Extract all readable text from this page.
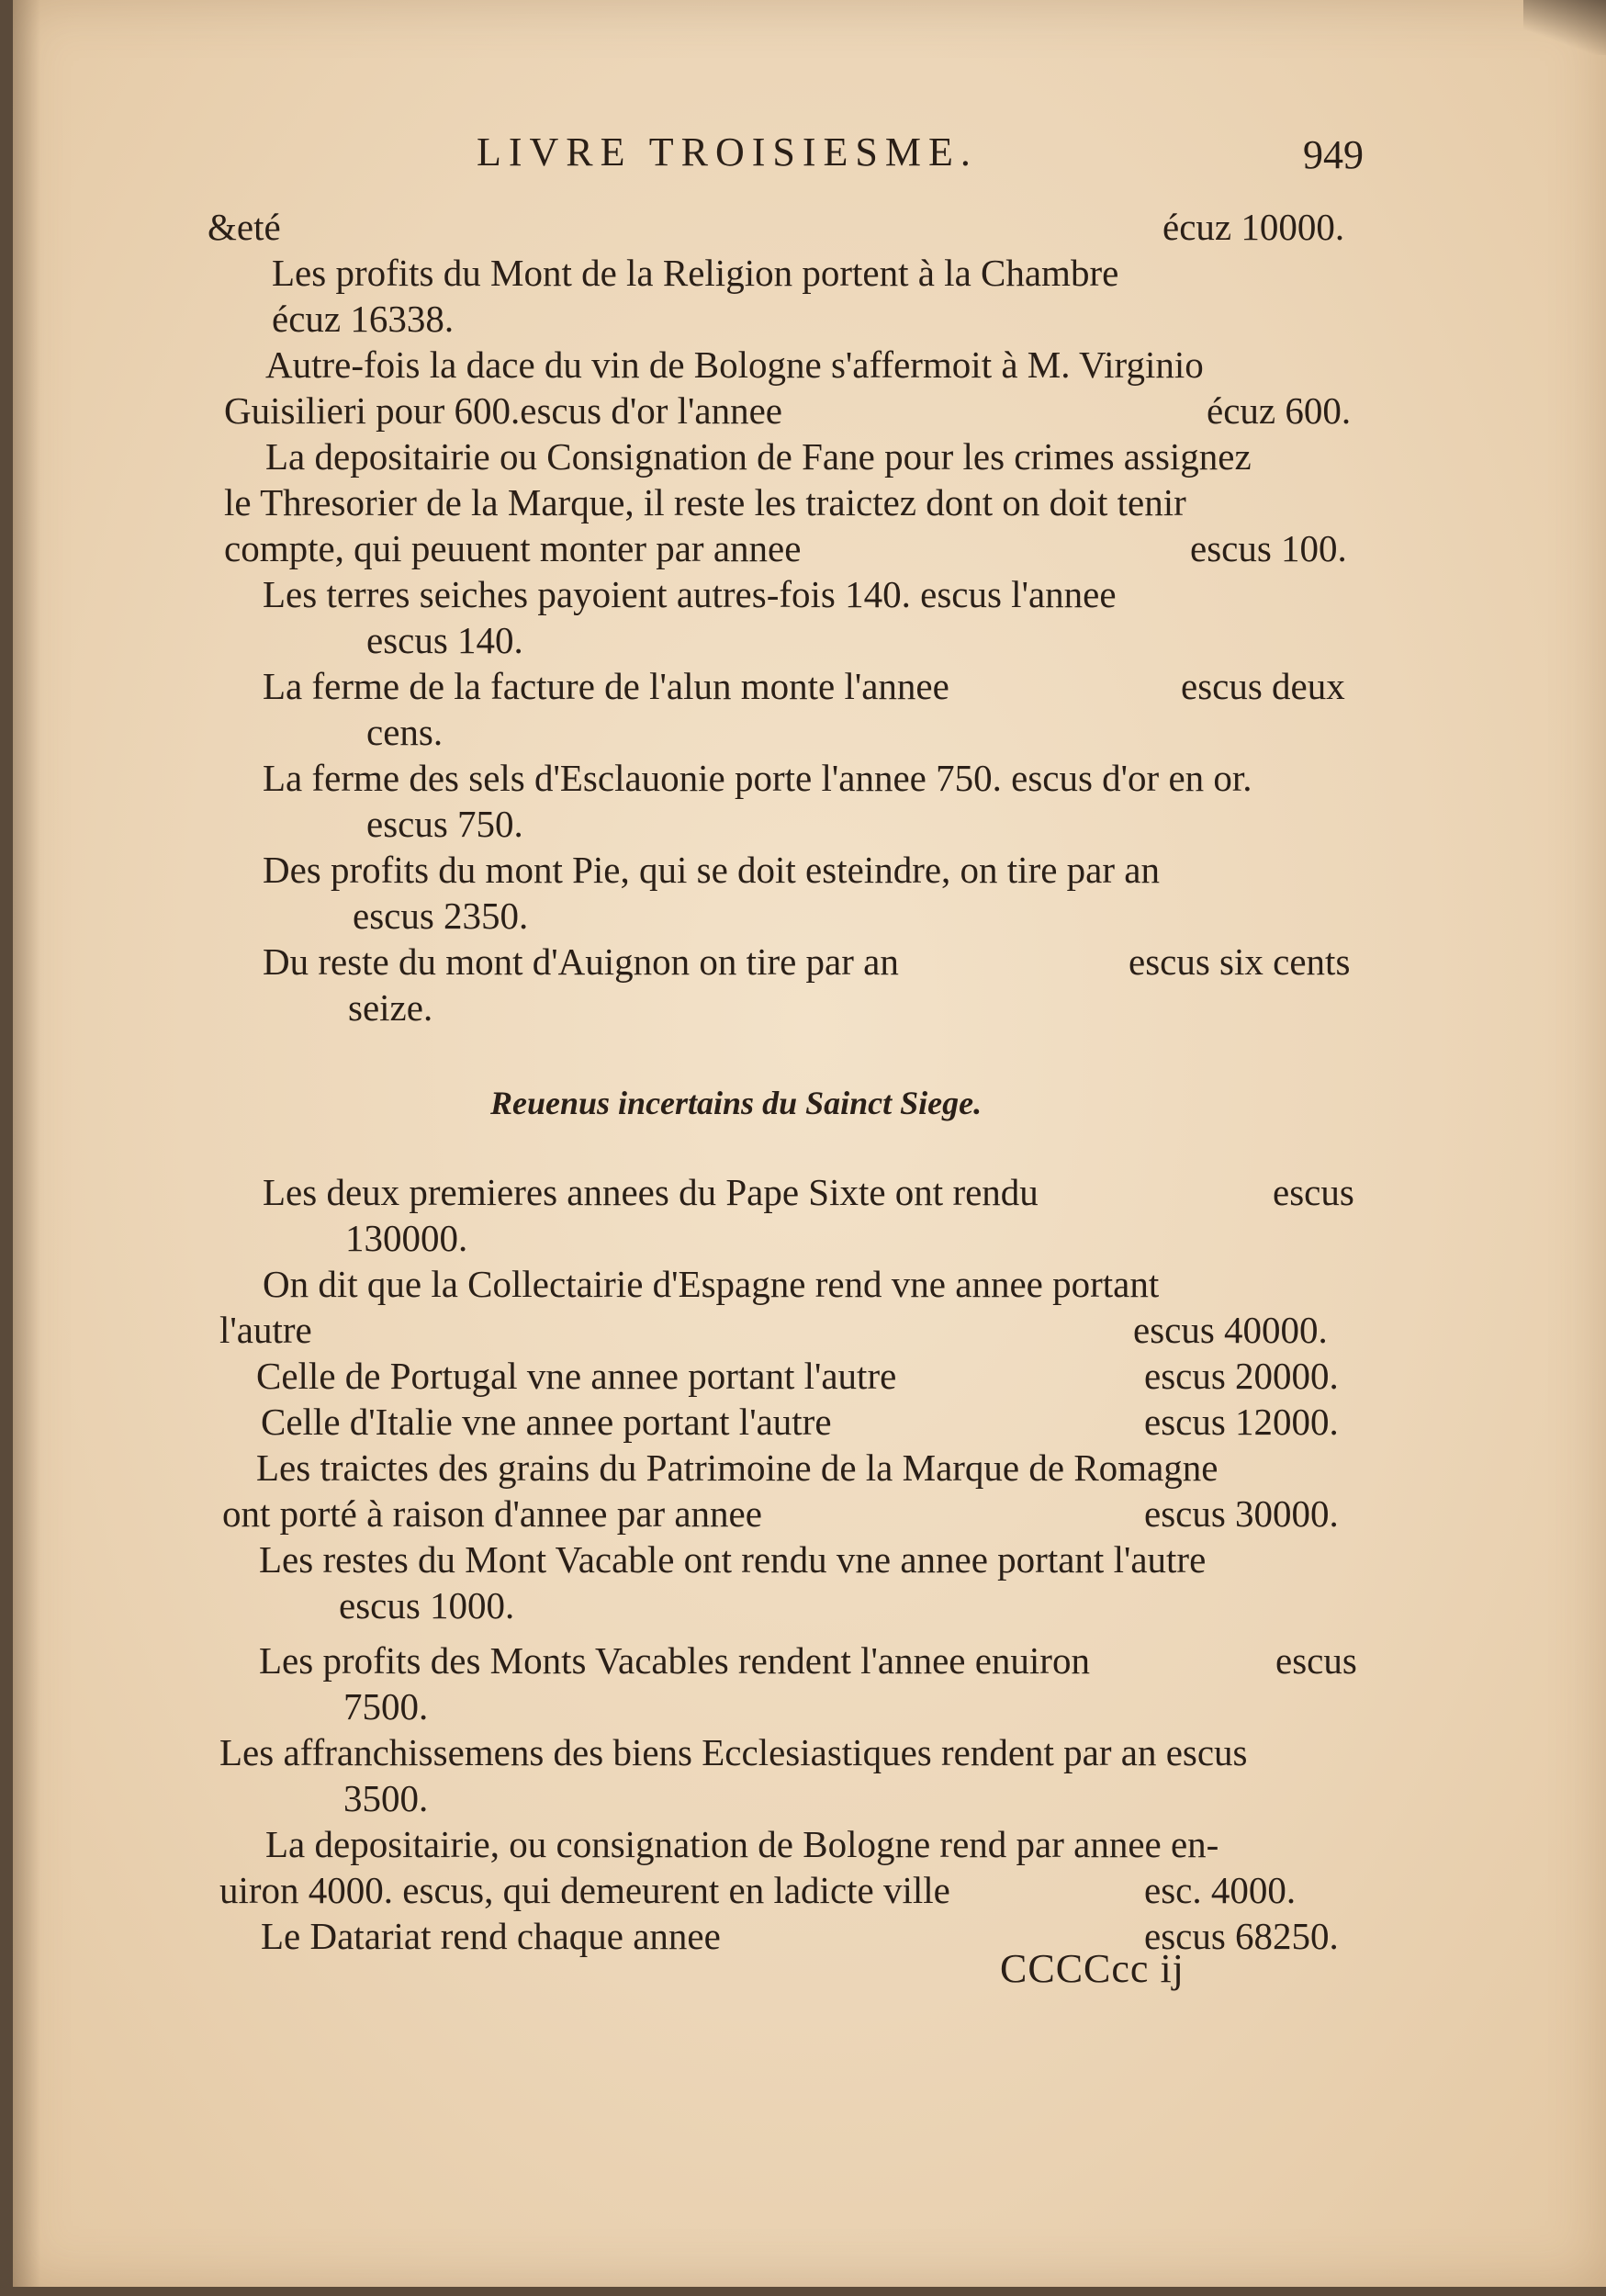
LIVRE TROISIESME.	949
&eté	écuz 10000.
Les profits du Mont de la Religion portent à la Chambre
écuz 16338.
Autre-fois la dace du vin de Bologne s'affermoit à M. Virginio
Guisilieri pour 600.escus d'or l'annee	écuz 600.
La depositairie ou Consignation de Fane pour les crimes assignez
le Thresorier de la Marque, il reste les traictez dont on doit tenir
compte, qui peuuent monter par annee	escus 100.
Les terres seiches payoient autres-fois 140. escus l'annee
escus 140.
La ferme de la facture de l'alun monte l'annee	escus deux
cens.
La ferme des sels d'Esclauonie porte l'annee 750. escus d'or en or.
escus 750.
Des profits du mont Pie, qui se doit esteindre, on tire par an
escus 2350.
Du reste du mont d'Auignon on tire par an	escus six cents
seize.
Reuenus incertains du Sainct Siege.
Les deux premieres annees du Pape Sixte ont rendu	escus
130000.
On dit que la Collectairie d'Espagne rend vne annee portant
l'autre	escus 40000.
Celle de Portugal vne annee portant l'autre	escus 20000.
Celle d'Italie vne annee portant l'autre	escus 12000.
Les traictes des grains du Patrimoine de la Marque de Romagne
ont porté à raison d'annee par annee	escus 30000.
Les restes du Mont Vacable ont rendu vne annee portant l'autre
escus 1000.
Les profits des Monts Vacables rendent l'annee enuiron	escus
7500.
Les affranchissemens des biens Ecclesiastiques rendent par an escus
3500.
La depositairie, ou consignation de Bologne rend par annee en-
uiron 4000. escus, qui demeurent en ladicte ville	esc. 4000.
Le Datariat rend chaque annee	escus 68250.
CCCCcc ij
